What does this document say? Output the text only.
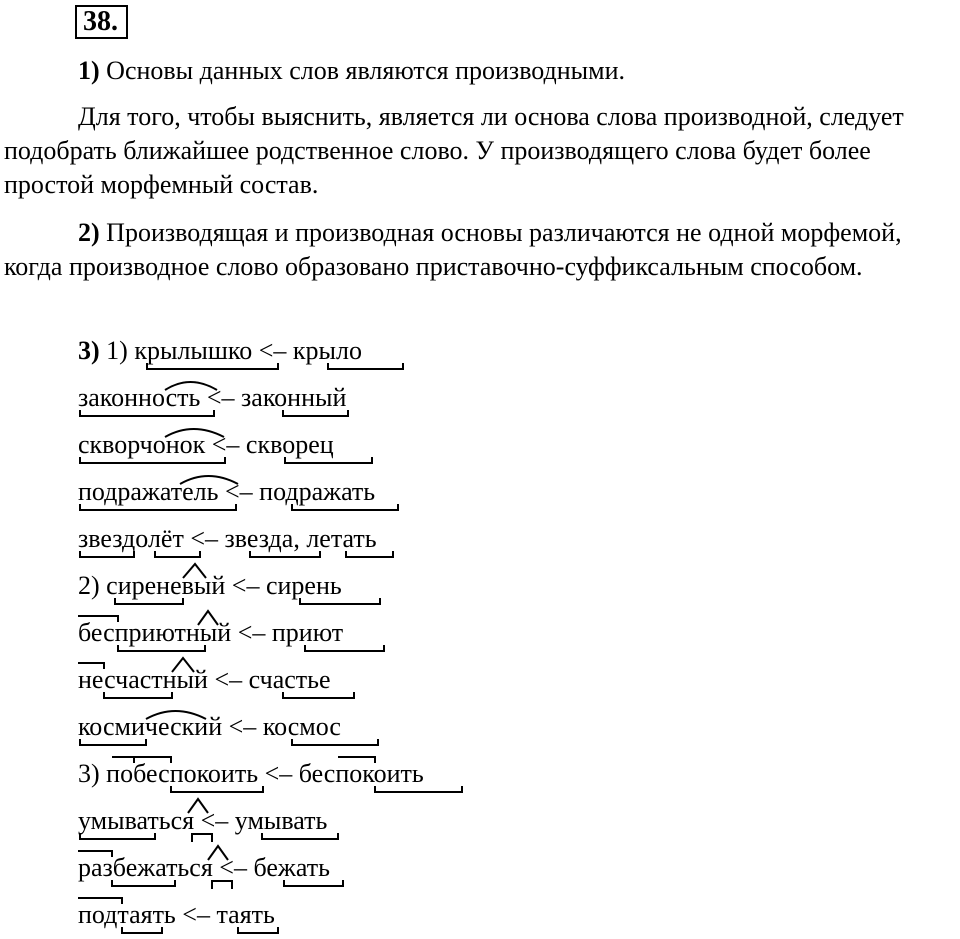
38.

1) Основы данных слов являются производными.

Для того, чтобы выяснить, является ли основа слова производной, следует подобрать ближайшее родственное слово. У производящего слова будет более простой морфемный состав.

2) Производящая и производная основы различаются не одной морфемой, когда производное слово образовано приставочно-суффиксальным способом.

3) 1) крылышко <– крыло
законность <– законный
скворчонок <– скворец
подражатель <– подражать
звездолёт <– звезда, летать
2) сиреневый <– сирень
бесприютный <– приют
несчастный <– счастье
космический <– космос
3) побеспокоить <– беспокоить
умываться <– умывать
разбежаться <– бежать
подтаять <– таять
